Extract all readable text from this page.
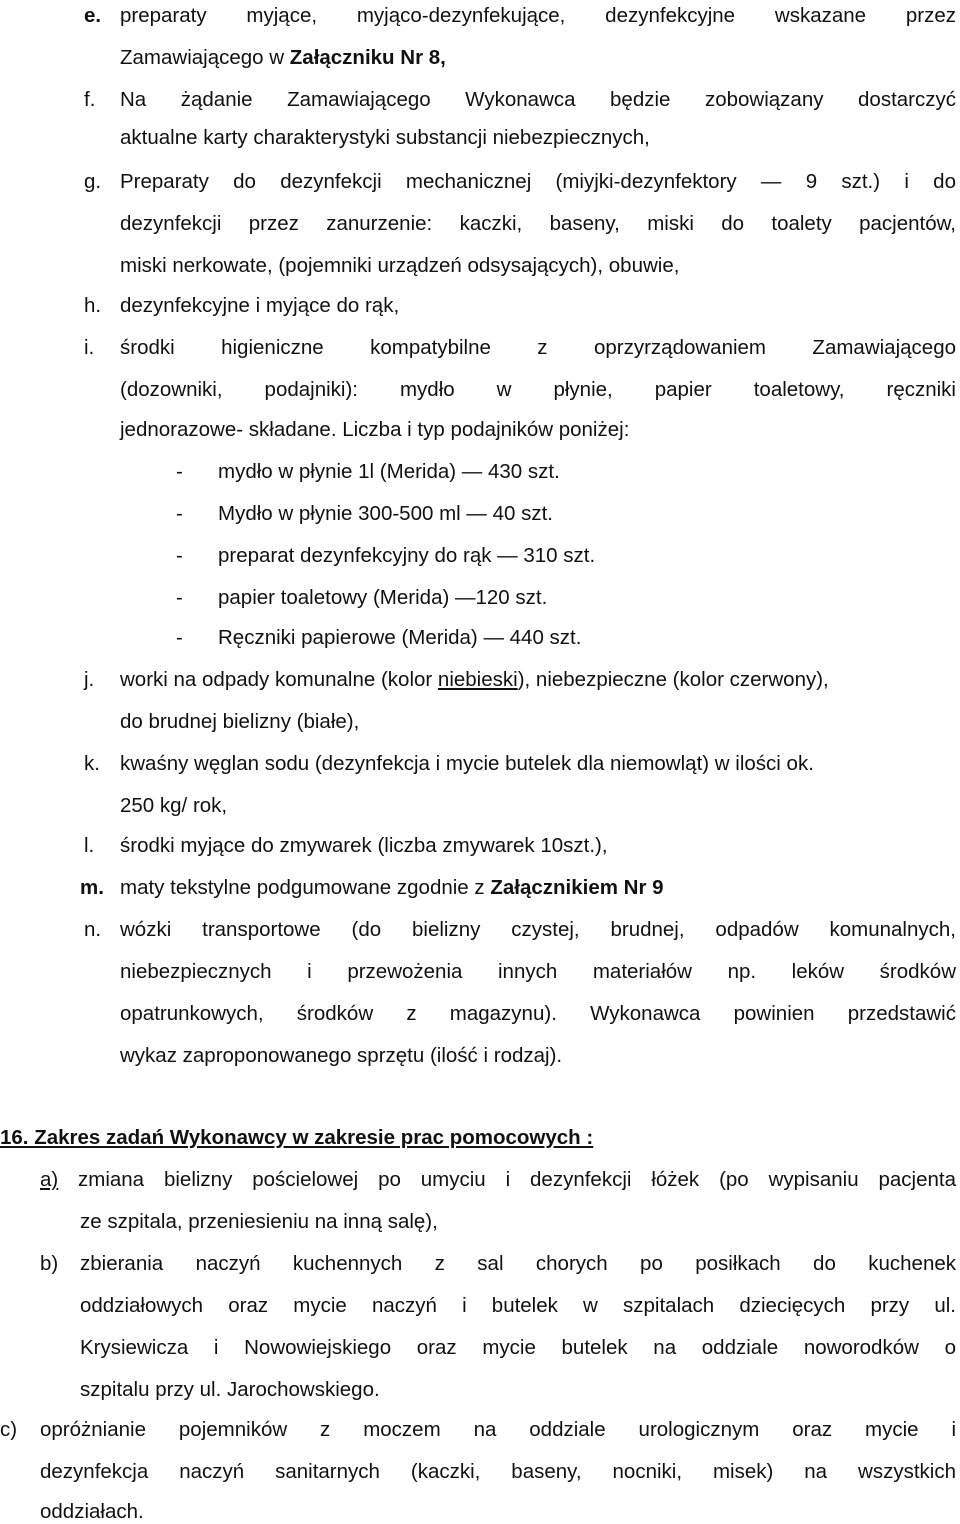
e. preparaty myjące, myjąco-dezynfekujące, dezynfekcyjne wskazane przez
Zamawiającego w Załączniku Nr 8,
f. Na żądanie Zamawiającego Wykonawca będzie zobowiązany dostarczyć
aktualne karty charakterystyki substancji niebezpiecznych,
g. Preparaty do dezynfekcji mechanicznej (miyjki-dezynfektory — 9 szt.) i do
dezynfekcji przez zanurzenie: kaczki, baseny, miski do toalety pacjentów,
miski nerkowate, (pojemniki urządzeń odsysających), obuwie,
h. dezynfekcyjne i myjące do rąk,
i. środki higieniczne kompatybilne z oprzyrządowaniem Zamawiającego
(dozowniki, podajniki): mydło w płynie, papier toaletowy, ręczniki
jednorazowe- składane. Liczba i typ podajników poniżej:
- mydło w płynie 1l (Merida) — 430 szt.
- Mydło w płynie 300-500 ml — 40 szt.
- preparat dezynfekcyjny do rąk — 310 szt.
- papier toaletowy (Merida) —120 szt.
- Ręczniki papierowe (Merida) — 440 szt.
j. worki na odpady komunalne (kolor niebieski), niebezpieczne (kolor czerwony),
do brudnej bielizny (białe),
k. kwaśny węglan sodu (dezynfekcja i mycie butelek dla niemowląt) w ilości ok.
250 kg/ rok,
l. środki myjące do zmywarek (liczba zmywarek 10szt.),
m. maty tekstylne podgumowane zgodnie z Załącznikiem Nr 9
n. wózki transportowe (do bielizny czystej, brudnej, odpadów komunalnych,
niebezpiecznych i przewożenia innych materiałów np. leków środków
opatrunkowych, środków z magazynu). Wykonawca powinien przedstawić
wykaz zaproponowanego sprzętu (ilość i rodzaj).
16. Zakres zadań Wykonawcy w zakresie prac pomocowych :
a) zmiana bielizny pościelowej po umyciu i dezynfekcji łóżek (po wypisaniu pacjenta
ze szpitala, przeniesieniu na inną salę),
b) zbierania naczyń kuchennych z sal chorych po posiłkach do kuchenek
oddziałowych oraz mycie naczyń i butelek w szpitalach dziecięcych przy ul.
Krysiewicza i Nowowiejskiego oraz mycie butelek na oddziale noworodków o
szpitalu przy ul. Jarochowskiego.
c) opróżnianie pojemników z moczem na oddziale urologicznym oraz mycie i
dezynfekcja naczyń sanitarnych (kaczki, baseny, nocniki, misek) na wszystkich
oddziałach.
